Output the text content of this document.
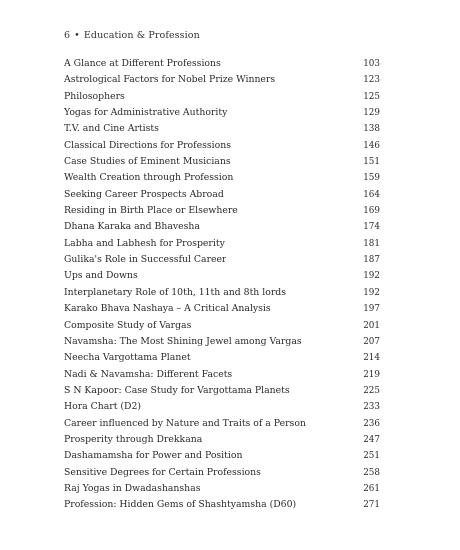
6 • Education & Profession
A Glance at Different Professions	103
Astrological Factors for Nobel Prize Winners	123
Philosophers	125
Yogas for Administrative Authority	129
T.V. and Cine Artists	138
Classical Directions for Professions	146
Case Studies of Eminent Musicians	151
Wealth Creation through Profession	159
Seeking Career Prospects Abroad	164
Residing in Birth Place or Elsewhere	169
Dhana Karaka and Bhavesha	174
Labha and Labhesh for Prosperity	181
Gulika's Role in Successful Career	187
Ups and Downs	192
Interplanetary Role of 10th, 11th and 8th lords	192
Karako Bhava Nashaya – A Critical Analysis	197
Composite Study of Vargas	201
Navamsha: The Most Shining Jewel among Vargas	207
Neecha Vargottama Planet	214
Nadi & Navamsha: Different Facets	219
S N Kapoor: Case Study for Vargottama Planets	225
Hora Chart (D2)	233
Career influenced by Nature and Traits of a Person	236
Prosperity through Drekkana	247
Dashamamsha for Power and Position	251
Sensitive Degrees for Certain Professions	258
Raj Yogas in Dwadashanshas	261
Profession: Hidden Gems of Shashtyamsha (D60)	271
